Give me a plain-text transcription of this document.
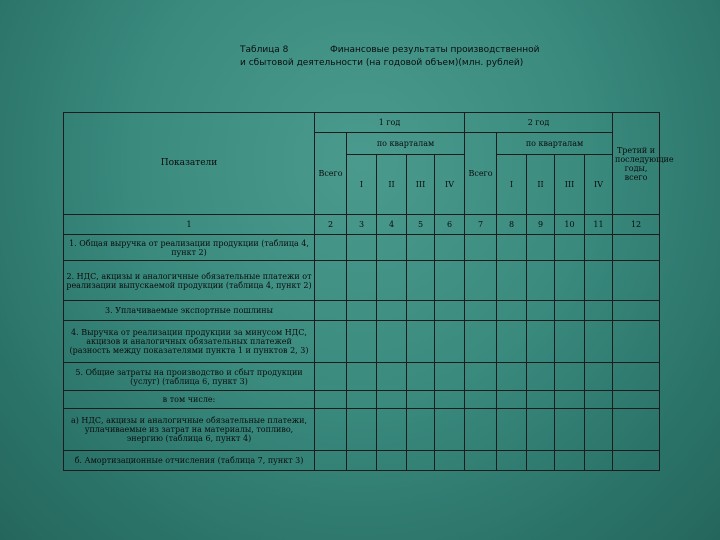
Таблица 8	Финансовые результаты производственной
и сбытовой деятельности (на годовой объем)(млн. рублей)
Показатели	1 год					2 год					Третий и последующие годы, всего
	Всего	по кварталам				Всего	по кварталам				
		I	II	III	IV		I	II	III	IV	
1	2	3	4	5	6	7	8	9	10	11	12
1. Общая выручка от реализации продукции (таблица 4, пункт 2)											
2. НДС, акцизы и аналогичные обязательные платежи от реализации выпускаемой продукции (таблица 4, пункт 2)											
3. Уплачиваемые экспортные пошлины											
4. Выручка от реализации продукции за минусом НДС, акцизов и аналогичных обязательных платежей (разность между показателями пункта 1 и пунктов 2, 3)											
5. Общие затраты на производство и сбыт продукции (услуг) (таблица 6, пункт 3)											
в том числе:											
а) НДС, акцизы и аналогичные обязательные платежи, уплачиваемые из затрат на материалы, топливо, энергию (таблица 6, пункт 4)											
б. Амортизационные отчисления (таблица 7, пункт 3)											
